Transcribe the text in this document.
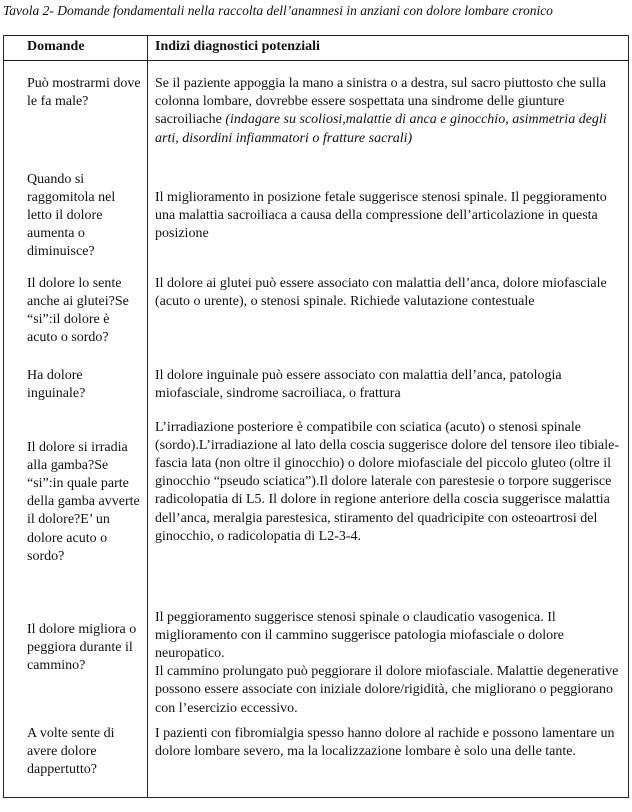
Tavola 2- Domande fondamentali nella raccolta dell’anamnesi in anziani con dolore lombare cronico
Domande	Indizi diagnostici potenziali
Può mostrarmi dove le fa male?	Se il paziente appoggia la mano a sinistra o a destra, sul sacro piuttosto che sulla colonna lombare, dovrebbe essere sospettata una sindrome delle giunture sacroiliache (indagare su scoliosi,malattie di anca e ginocchio, asimmetria degli arti, disordini infiammatori o fratture sacrali)
Quando si raggomitola nel letto il dolore aumenta o diminuisce?	Il miglioramento in posizione fetale suggerisce stenosi spinale. Il peggioramento una malattia sacroiliaca a causa della compressione dell’articolazione in questa

posizione

Il dolore lo sente anche ai glutei?Se “si”:il dolore è acuto o sordo?	Il dolore ai glutei può essere associato con malattia dell’anca, dolore miofasciale (acuto o urente), o stenosi spinale. Richiede valutazione contestuale
Ha dolore inguinale?	Il dolore inguinale può essere associato con malattia dell’anca, patologia miofasciale, sindrome sacroiliaca, o frattura
Il dolore si irradia alla gamba?Se “si”:in quale parte della gamba avverte il dolore?E’ un dolore acuto o sordo?	L’irradiazione posteriore è compatibile con sciatica (acuto) o stenosi spinale (sordo).L’irradiazione al lato della coscia suggerisce dolore del tensore ileo tibiale-fascia lata (non oltre il ginocchio) o dolore miofasciale del piccolo gluteo (oltre il ginocchio “pseudo sciatica”).Il dolore laterale con parestesie o torpore suggerisce radicolopatia di L5. Il dolore in regione anteriore della coscia suggerisce malattia dell’anca, meralgia parestesica, stiramento del quadricipite con osteoartrosi del ginocchio, o radicolopatia di L2-3-4.
Il dolore migliora o peggiora durante il cammino?	Il peggioramento suggerisce stenosi spinale o claudicatio vasogenica. Il miglioramento con il cammino suggerisce patologia miofasciale o dolore neuropatico.

Il cammino prolungato può peggiorare il dolore miofasciale. Malattie degenerative possono essere associate con iniziale dolore/rigidità, che migliorano o peggiorano con l’esercizio eccessivo.

A volte sente di avere dolore dappertutto?	I pazienti con fibromialgia spesso hanno dolore al rachide e possono lamentare un dolore lombare severo, ma la localizzazione lombare è solo una delle tante.
